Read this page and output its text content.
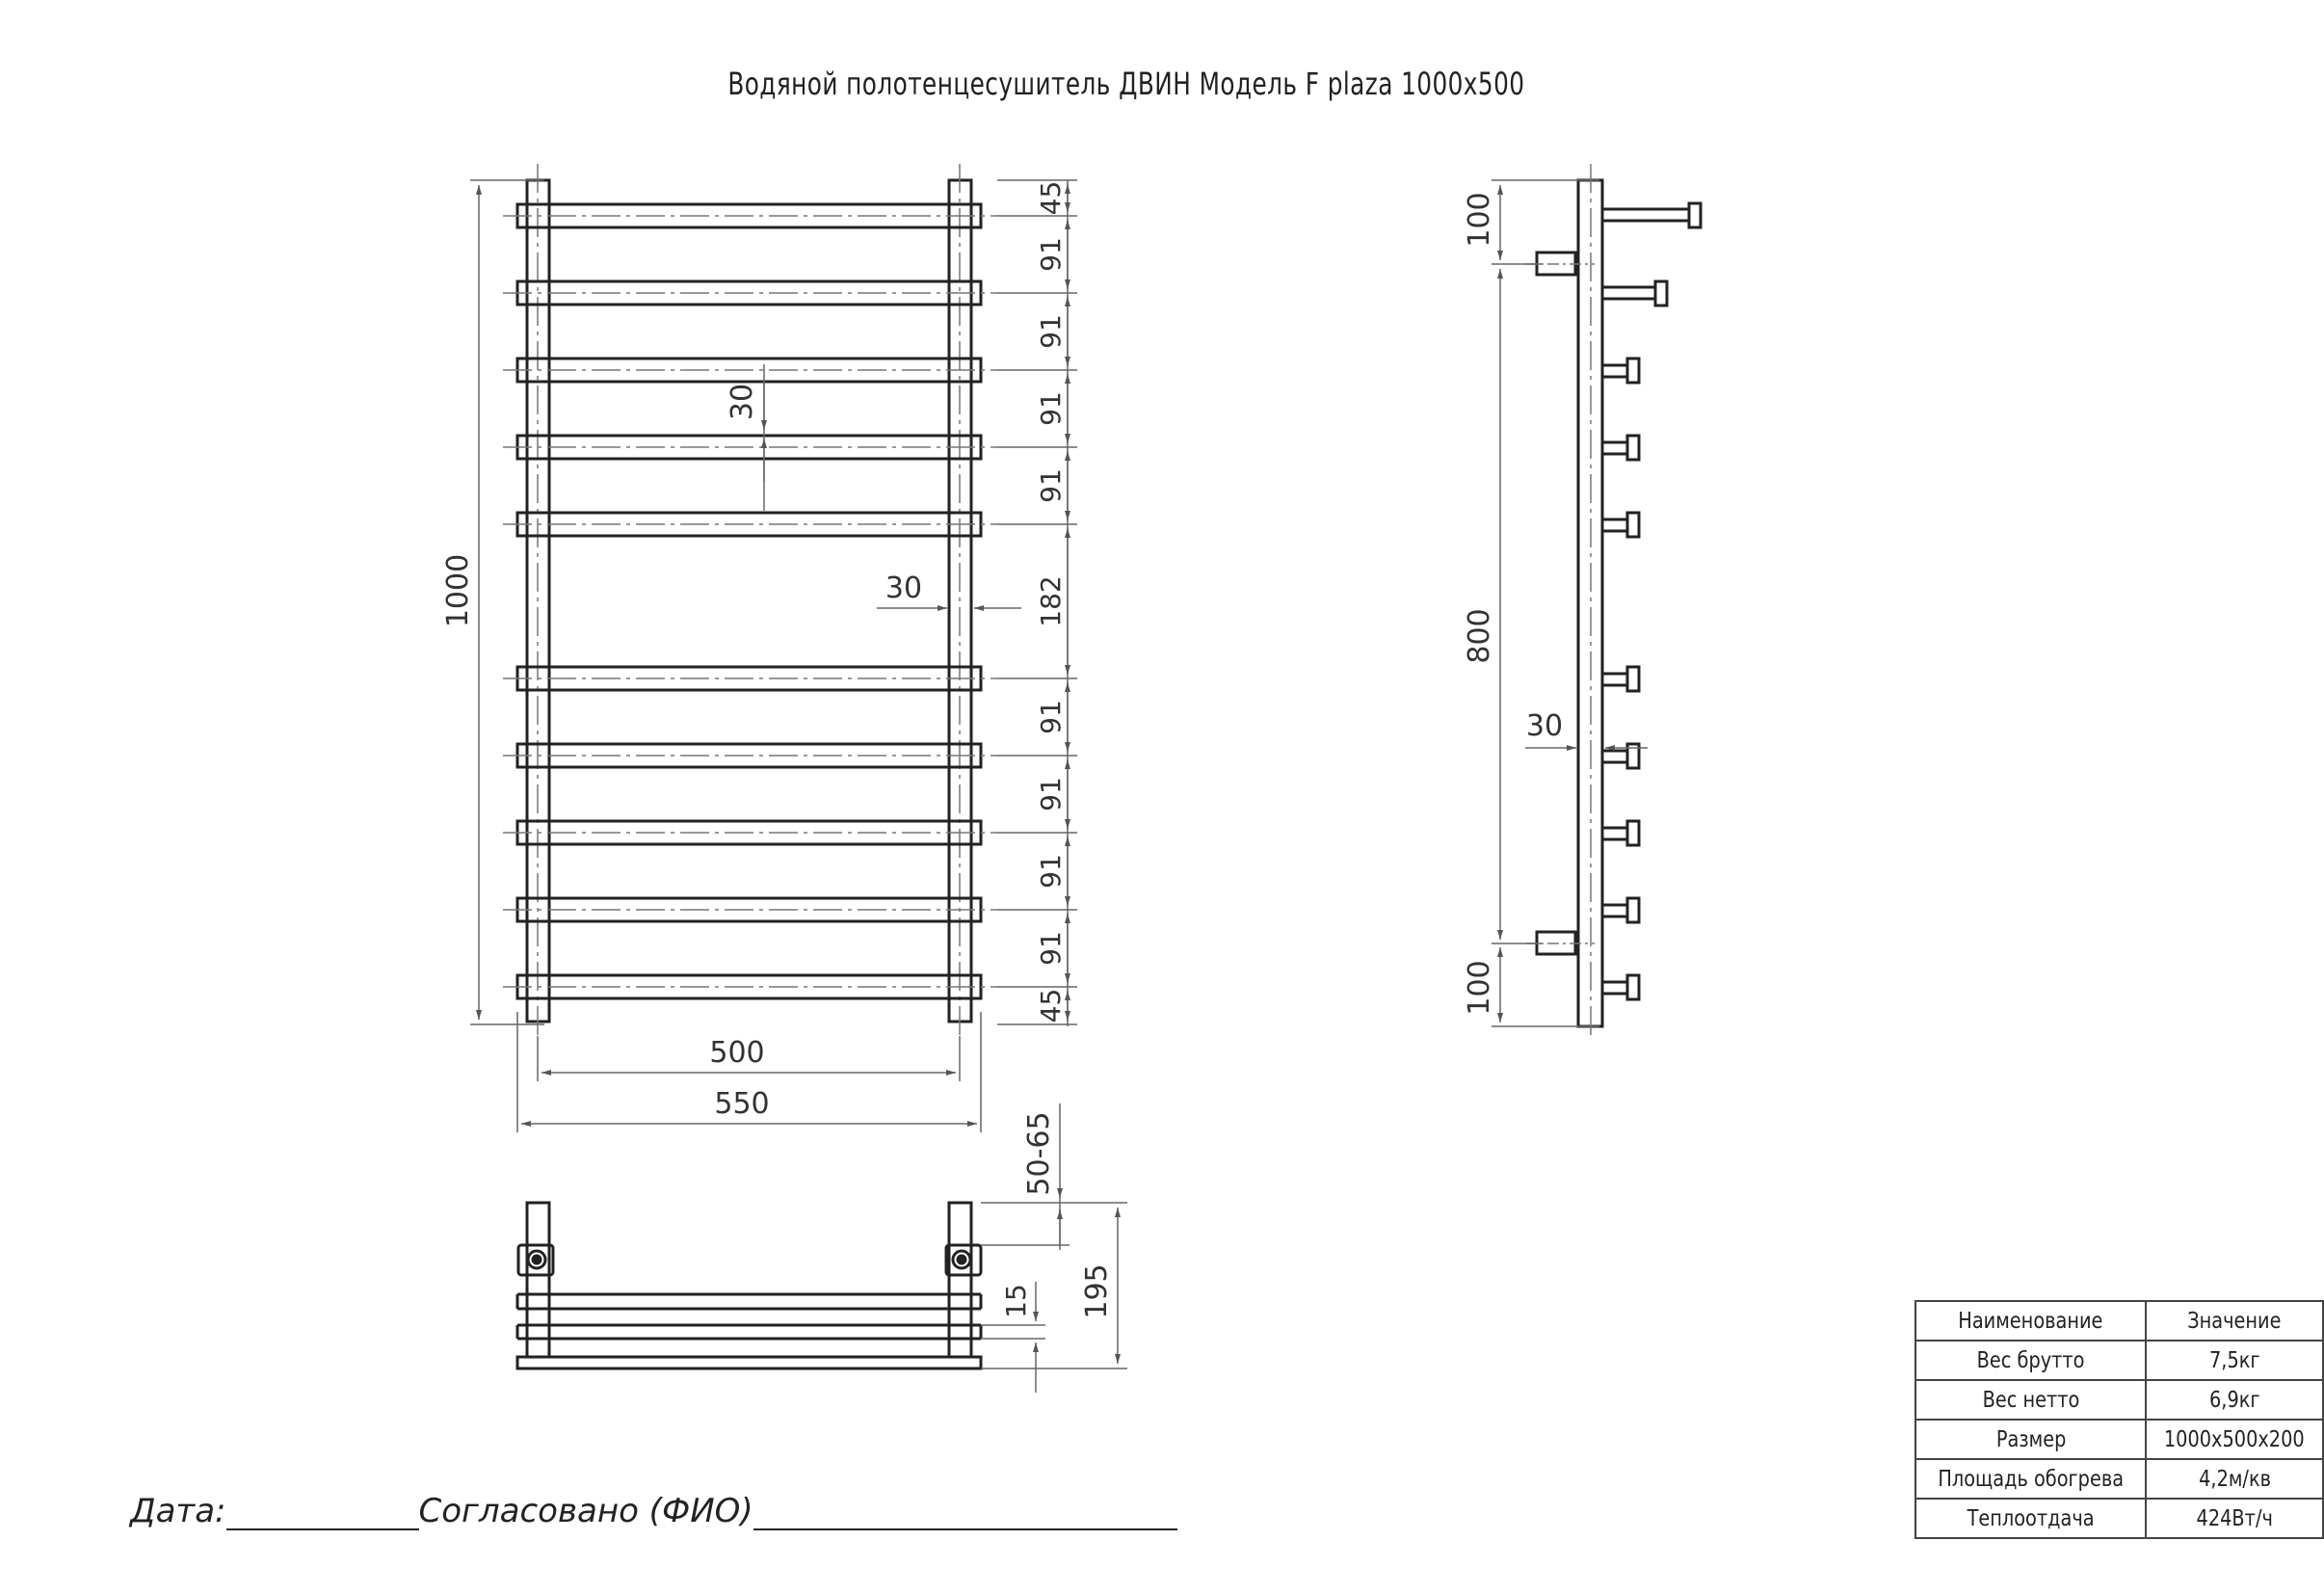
Водяной полотенцесушитель ДВИН Модель F plaza 1000х500
45
91
91
91
91
182
91
91
91
91
45
1000
500
550
30
30
50-65
195
15
100
800
100
30
Дата:	Согласовано (ФИО)
Наименование	Значение
Вес брутто	7,5кг
Вес нетто	6,9кг
Размер	1000х500х200
Площадь обогрева	4,2м/кв
Теплоотдача	424Вт/ч
